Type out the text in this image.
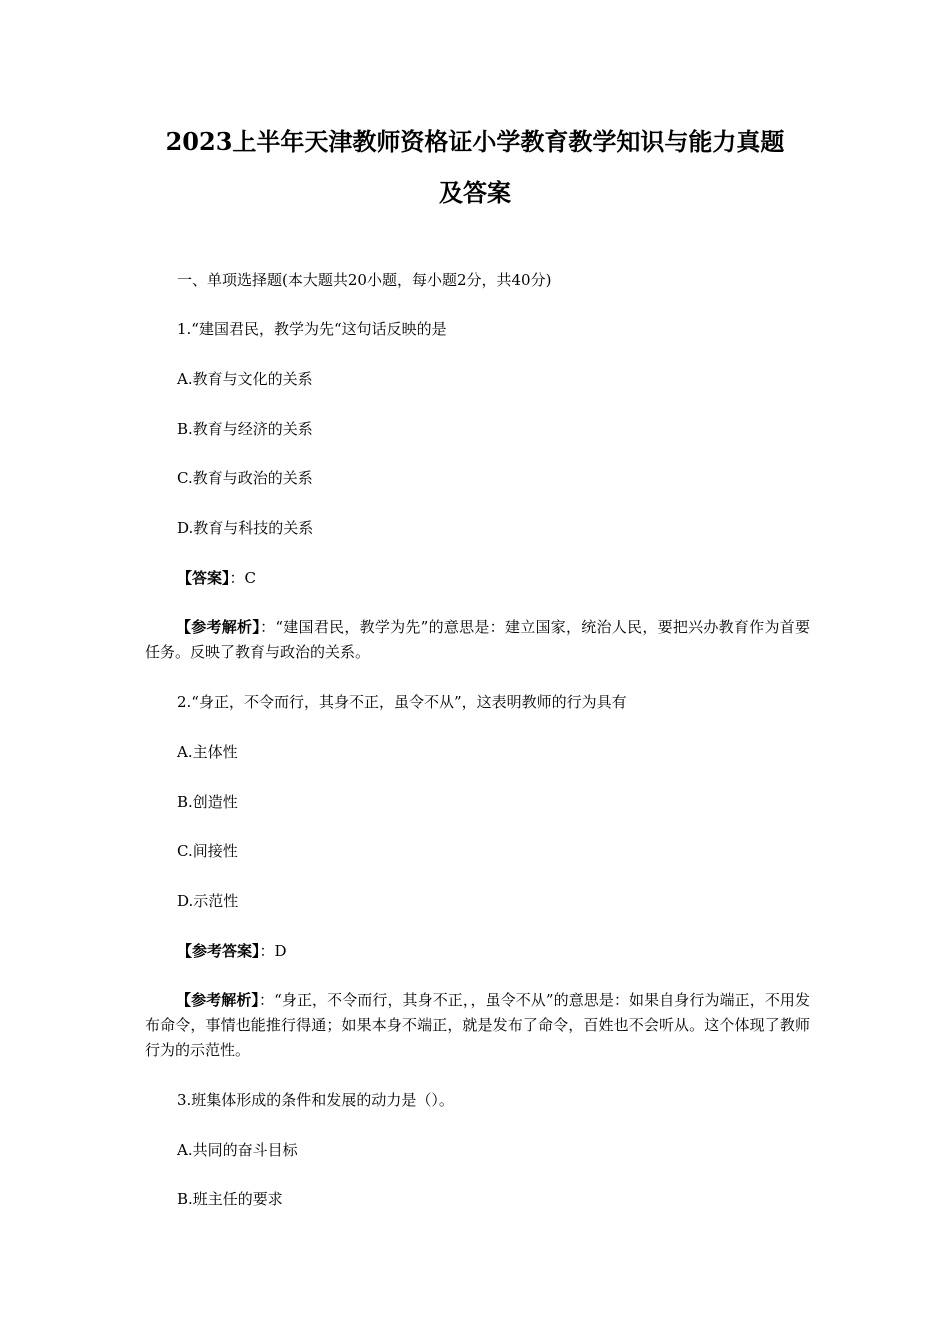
2023上半年天津教师资格证小学教育教学知识与能力真题
及答案
一、单项选择题(本大题共20小题，每小题2分，共40分)
1.“建国君民，教学为先“这句话反映的是
A.教育与文化的关系
B.教育与经济的关系
C.教育与政治的关系
D.教育与科技的关系
【答案】：C

【参考解析】：“建国君民，教学为先”的意思是：建立国家，统治人民，要把兴办教育作为首要任务。反映了教育与政治的关系。

2.“身正，不令而行，其身不正，虽令不从”，这表明教师的行为具有
A.主体性
B.创造性
C.间接性
D.示范性
【参考答案】：D

【参考解析】：“身正，不令而行，其身不正，，虽令不从”的意思是：如果自身行为端正，不用发布命令，事情也能推行得通；如果本身不端正，就是发布了命令，百姓也不会听从。这个体现了教师行为的示范性。

3.班集体形成的条件和发展的动力是（）。
A.共同的奋斗目标
B.班主任的要求
